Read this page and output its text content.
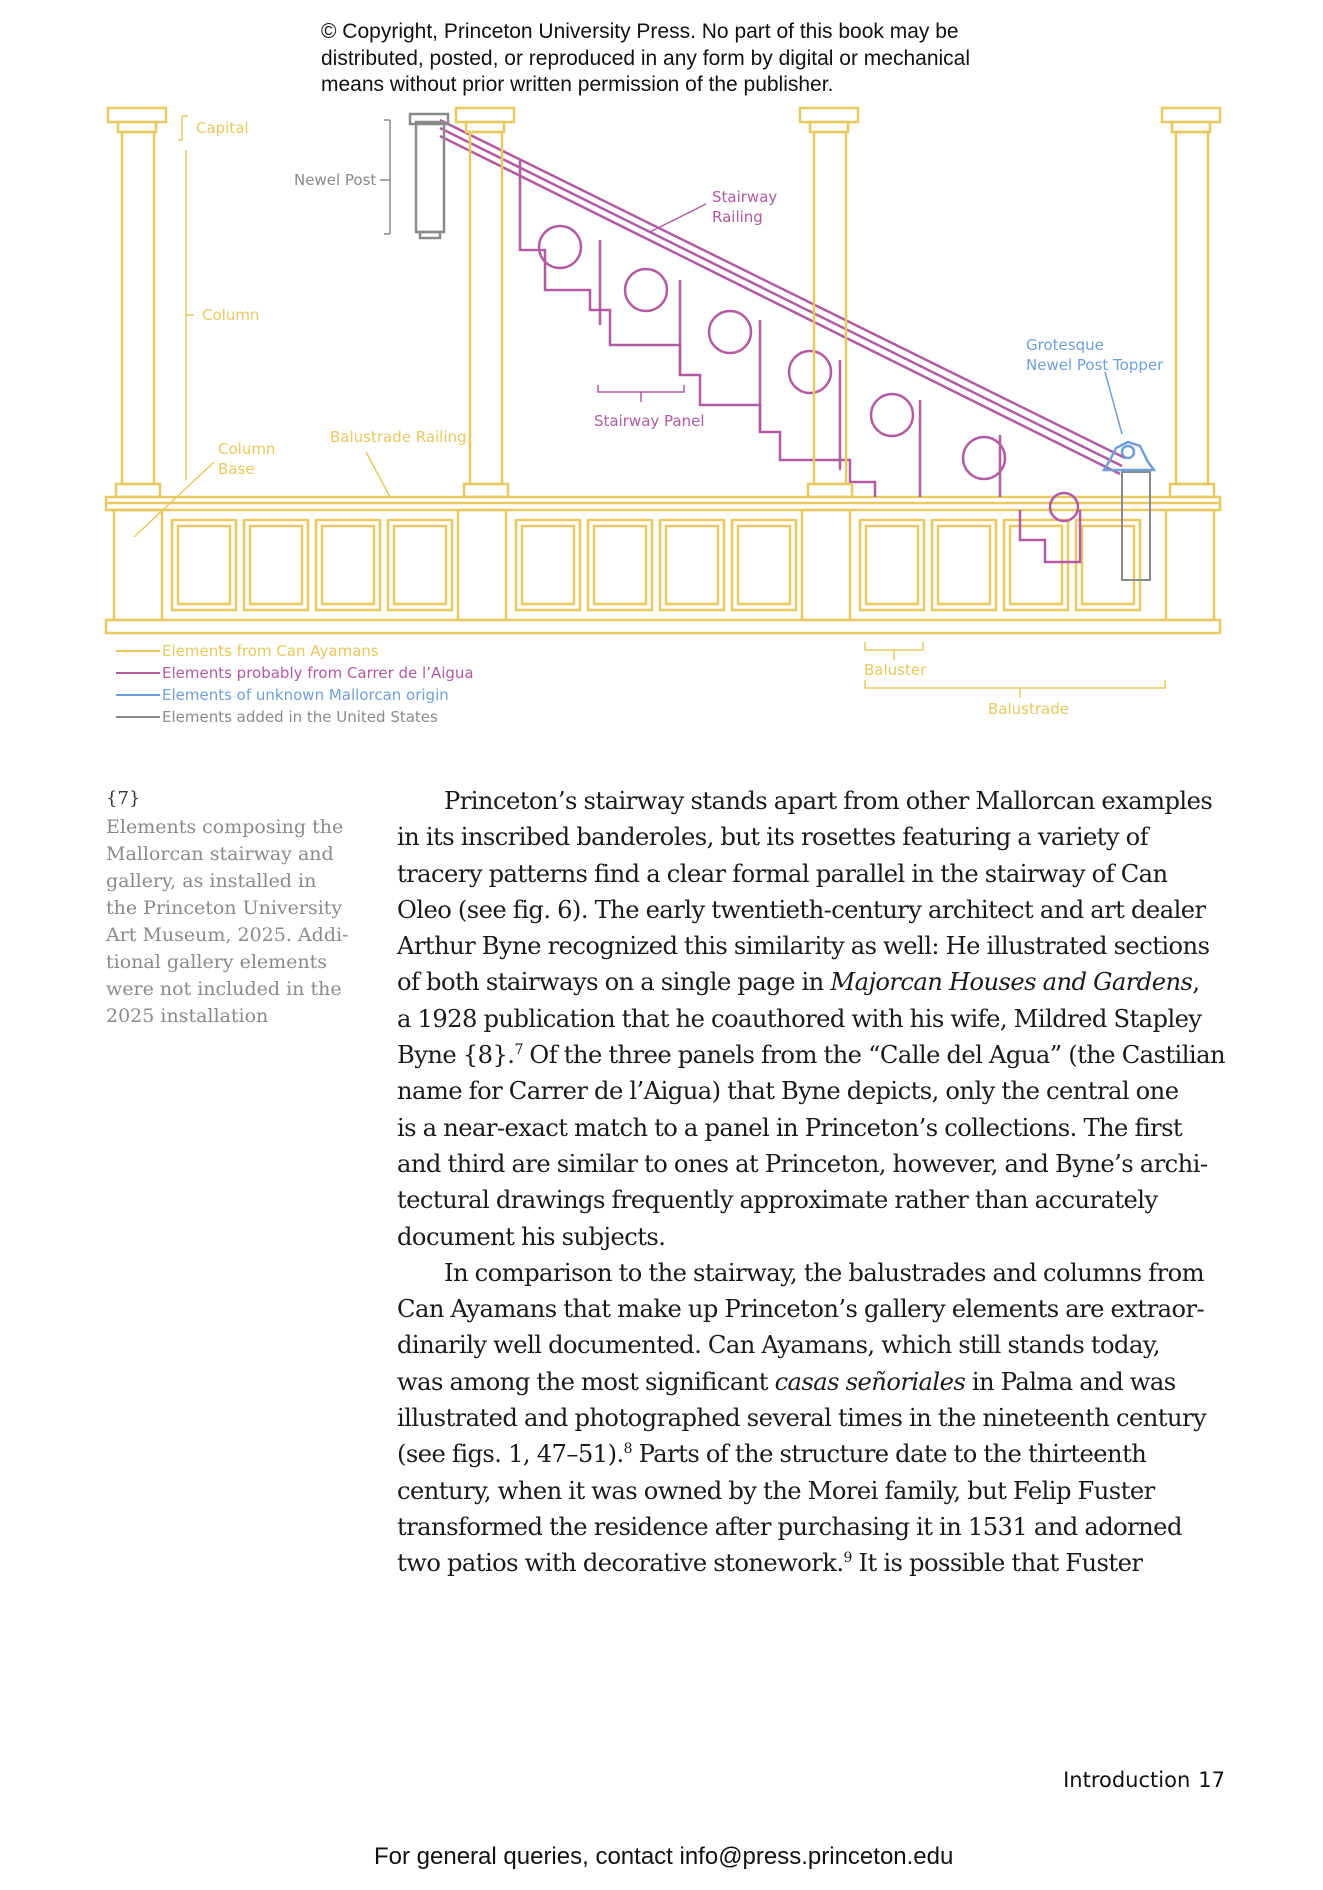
© Copyright, Princeton University Press. No part of this book may be
distributed, posted, or reproduced in any form by digital or mechanical
means without prior written permission of the publisher.
Capital
Newel Post
Stairway
Railing
Column
Grotesque
Newel Post Topper
Stairway Panel
Column
Base
Balustrade Railing
Baluster
Balustrade
Elements from Can Ayamans
Elements probably from Carrer de l’Aigua
Elements of unknown Mallorcan origin
Elements added in the United States
{7}
Elements composing the
Mallorcan stairway and
gallery, as installed in
the Princeton University
Art Museum, 2025. Addi-
tional gallery elements
were not included in the
2025 installation
Princeton’s stairway stands apart from other Mallorcan examples
in its inscribed banderoles, but its rosettes featuring a variety of
tracery patterns find a clear formal parallel in the stairway of Can
Oleo (see fig. 6). The early twentieth-century architect and art dealer
Arthur Byne recognized this similarity as well: He illustrated sections
of both stairways on a single page in Majorcan Houses and Gardens,
a 1928 publication that he coauthored with his wife, Mildred Stapley
Byne {8}.$^7$ Of the three panels from the “Calle del Agua” (the Castilian
name for Carrer de l’Aigua) that Byne depicts, only the central one
is a near-exact match to a panel in Princeton’s collections. The first
and third are similar to ones at Princeton, however, and Byne’s archi-
tectural drawings frequently approximate rather than accurately
document his subjects.
In comparison to the stairway, the balustrades and columns from
Can Ayamans that make up Princeton’s gallery elements are extraor-
dinarily well documented. Can Ayamans, which still stands today,
was among the most significant casas señoriales in Palma and was
illustrated and photographed several times in the nineteenth century
(see figs. 1, 47–51).$^8$ Parts of the structure date to the thirteenth
century, when it was owned by the Morei family, but Felip Fuster
transformed the residence after purchasing it in 1531 and adorned
two patios with decorative stonework.$^9$ It is possible that Fuster
Introduction 17
For general queries, contact info@press.princeton.edu
